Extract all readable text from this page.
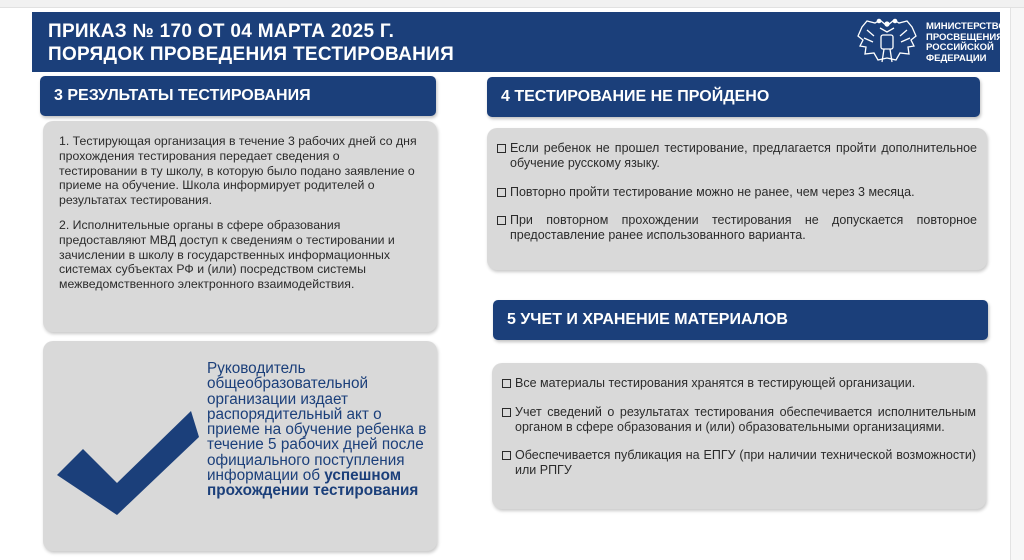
ПРИКАЗ № 170 ОТ 04 МАРТА 2025 Г.
ПОРЯДОК ПРОВЕДЕНИЯ ТЕСТИРОВАНИЯ
МИНИСТЕРСТВО
ПРОСВЕЩЕНИЯ
РОССИЙСКОЙ
ФЕДЕРАЦИИ
3 РЕЗУЛЬТАТЫ ТЕСТИРОВАНИЯ

1. Тестирующая организация в течение 3 рабочих дней со дня прохождения тестирования передает сведения о тестировании в ту школу, в которую было подано заявление о приеме на обучение. Школа информирует родителей о результатах тестирования.

2. Исполнительные органы в сфере образования предоставляют МВД доступ к сведениям о тестировании и зачислении в школу в государственных информационных системах субъектах РФ и (или) посредством системы межведомственного электронного взаимодействия.

Руководитель общеобразовательной организации издает распорядительный акт о приеме на обучение ребенка в течение 5 рабочих дней после официального поступления информации об успешном прохождении тестирования
4 ТЕСТИРОВАНИЕ НЕ ПРОЙДЕНО
Если ребенок не прошел тестирование, предлагается пройти дополнительное обучение русскому языку.
Повторно пройти тестирование можно не ранее, чем через 3 месяца.
При повторном прохождении тестирования не допускается повторное предоставление ранее использованного варианта.
5 УЧЕТ И ХРАНЕНИЕ МАТЕРИАЛОВ
Все материалы тестирования хранятся в тестирующей организации.
Учет сведений о результатах тестирования обеспечивается исполнительным органом в сфере образования и (или) образовательными организациями.
Обеспечивается публикация на ЕПГУ (при наличии технической возможности) или РПГУ
